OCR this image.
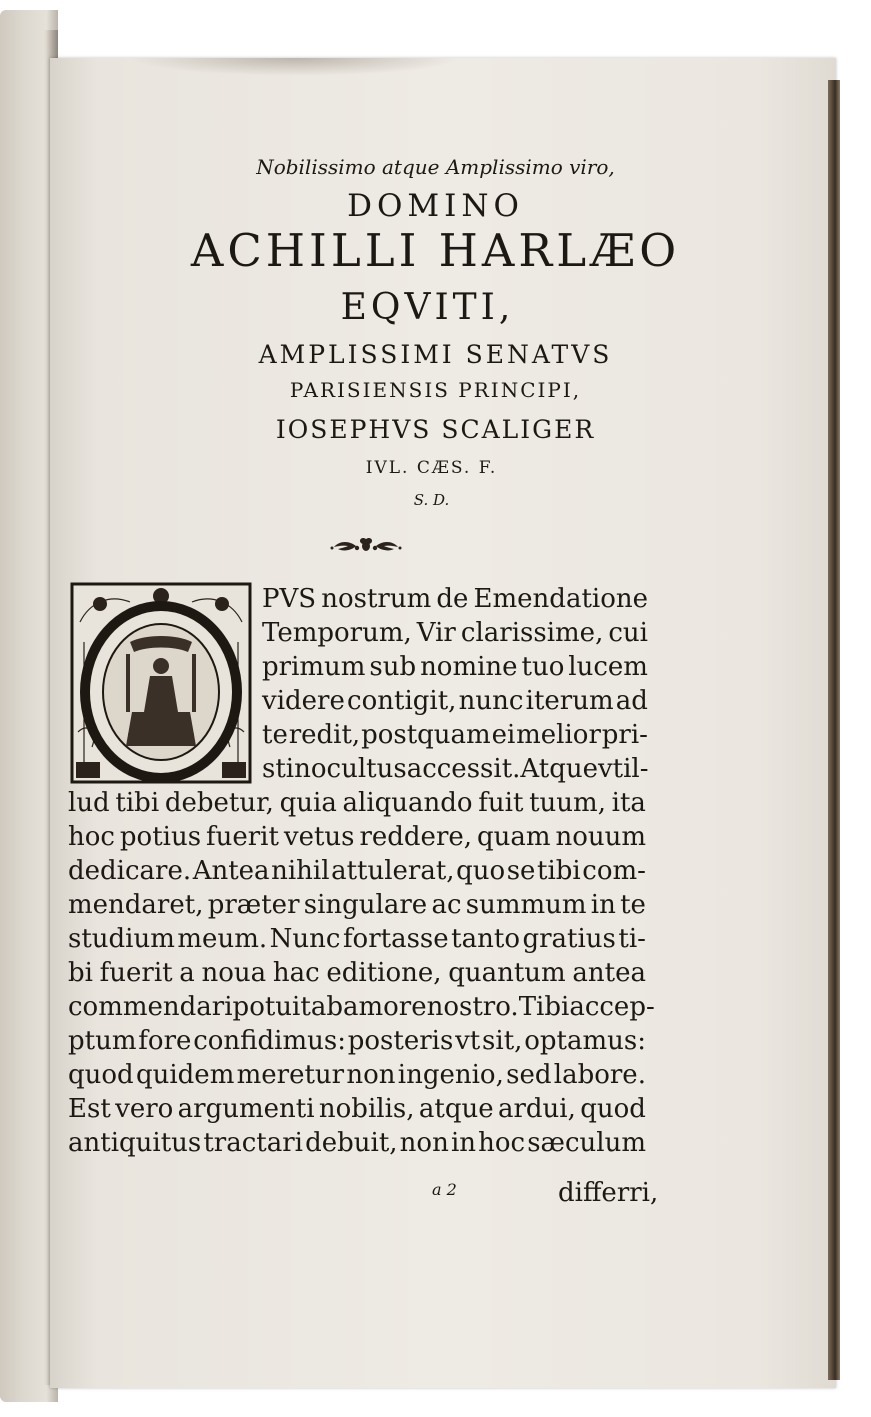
Nobilissimo atque Amplissimo viro,
DOMINO
ACHILLI HARLÆO
EQVITI,
AMPLISSIMI SENATVS
PARISIENSIS PRINCIPI,
IOSEPHVS SCALIGER
IVL. CÆS. F.
S. D.
PVS nostrum de Emendatione
Temporum, Vir clarissime, cui
primum sub nomine tuo lucem
videre contigit, nunc iterum ad
te redit, postquam ei melior pri-
stino cultus accessit. Atque vt il-
lud tibi debetur, quia aliquando fuit tuum, ita
hoc potius fuerit vetus reddere, quam nouum
dedicare. Antea nihil attulerat, quo se tibi com-
mendaret, præter singulare ac summum in te
studium meum. Nunc fortasse tanto gratius ti-
bi fuerit a noua hac editione, quantum antea
commendari potuit ab amore nostro. Tibi accep-
ptum fore confidimus: posteris vt sit, optamus:
quod quidem meretur non ingenio, sed labore.
Est vero argumenti nobilis, atque ardui, quod
antiquitus tractari debuit, non in hoc sæculum
a 2	differri,
